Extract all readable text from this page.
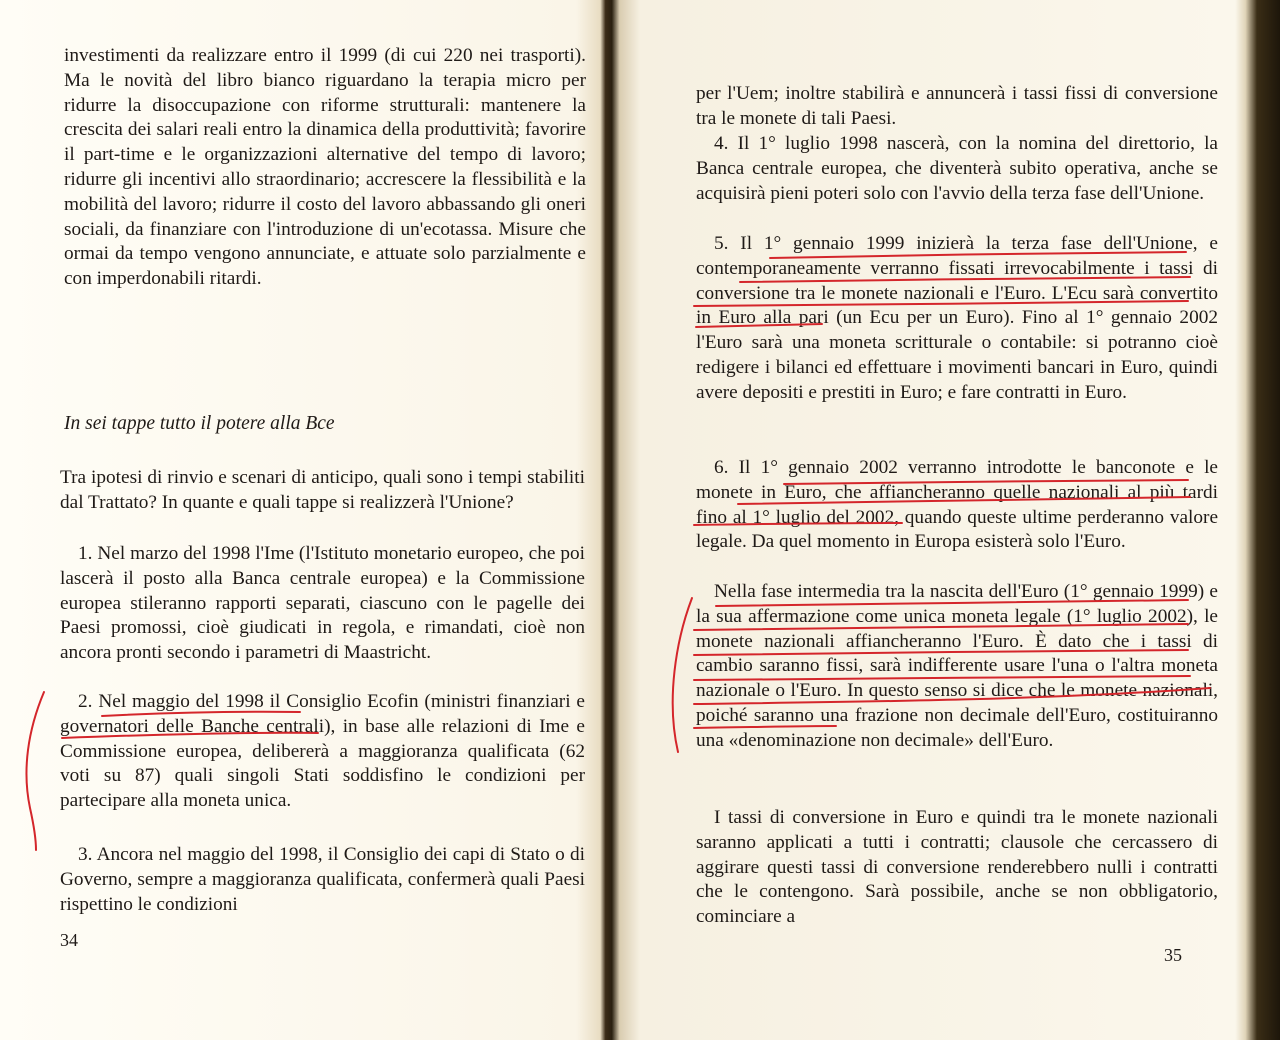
investimenti da realizzare entro il 1999 (di cui 220 nei trasporti). Ma le novità del libro bianco riguardano la terapia micro per ridurre la disoccupazione con riforme strutturali: mantenere la crescita dei salari reali entro la dinamica della produttività; favorire il part-time e le organizzazioni alternative del tempo di lavoro; ridurre gli incentivi allo straordinario; accrescere la flessibilità e la mobilità del lavoro; ridurre il costo del lavoro abbassando gli oneri sociali, da finanziare con l'introduzione di un'ecotassa. Misure che ormai da tempo vengono annunciate, e attuate solo parzialmente e con imperdonabili ritardi.

In sei tappe tutto il potere alla Bce

Tra ipotesi di rinvio e scenari di anticipo, quali sono i tempi stabiliti dal Trattato? In quante e quali tappe si realizzerà l'Unione?

1. Nel marzo del 1998 l'Ime (l'Istituto monetario europeo, che poi lascerà il posto alla Banca centrale europea) e la Commissione europea stileranno rapporti separati, ciascuno con le pagelle dei Paesi promossi, cioè giudicati in regola, e rimandati, cioè non ancora pronti secondo i parametri di Maastricht.

2. Nel maggio del 1998 il Consiglio Ecofin (ministri finanziari e governatori delle Banche centrali), in base alle relazioni di Ime e Commissione europea, delibererà a maggioranza qualificata (62 voti su 87) quali singoli Stati soddisfino le condizioni per partecipare alla moneta unica.

3. Ancora nel maggio del 1998, il Consiglio dei capi di Stato o di Governo, sempre a maggioranza qualificata, confermerà quali Paesi rispettino le condizioni

34

per l'Uem; inoltre stabilirà e annuncerà i tassi fissi di conversione tra le monete di tali Paesi.

4. Il 1° luglio 1998 nascerà, con la nomina del direttorio, la Banca centrale europea, che diventerà subito operativa, anche se acquisirà pieni poteri solo con l'avvio della terza fase dell'Unione.

5. Il 1° gennaio 1999 inizierà la terza fase dell'Unione, e contemporaneamente verranno fissati irrevocabilmente i tassi di conversione tra le monete nazionali e l'Euro. L'Ecu sarà convertito in Euro alla pari (un Ecu per un Euro). Fino al 1° gennaio 2002 l'Euro sarà una moneta scritturale o contabile: si potranno cioè redigere i bilanci ed effettuare i movimenti bancari in Euro, quindi avere depositi e prestiti in Euro; e fare contratti in Euro.

6. Il 1° gennaio 2002 verranno introdotte le banconote e le monete in Euro, che affiancheranno quelle nazionali al più tardi fino al 1° luglio del 2002, quando queste ultime perderanno valore legale. Da quel momento in Europa esisterà solo l'Euro.

Nella fase intermedia tra la nascita dell'Euro (1° gennaio 1999) e la sua affermazione come unica moneta legale (1° luglio 2002), le monete nazionali affiancheranno l'Euro. È dato che i tassi di cambio saranno fissi, sarà indifferente usare l'una o l'altra moneta nazionale o l'Euro. In questo senso si dice che le monete nazionali, poiché saranno una frazione non decimale dell'Euro, costituiranno una «denominazione non decimale» dell'Euro.

I tassi di conversione in Euro e quindi tra le monete nazionali saranno applicati a tutti i contratti; clausole che cercassero di aggirare questi tassi di conversione renderebbero nulli i contratti che le contengono. Sarà possibile, anche se non obbligatorio, cominciare a

35
